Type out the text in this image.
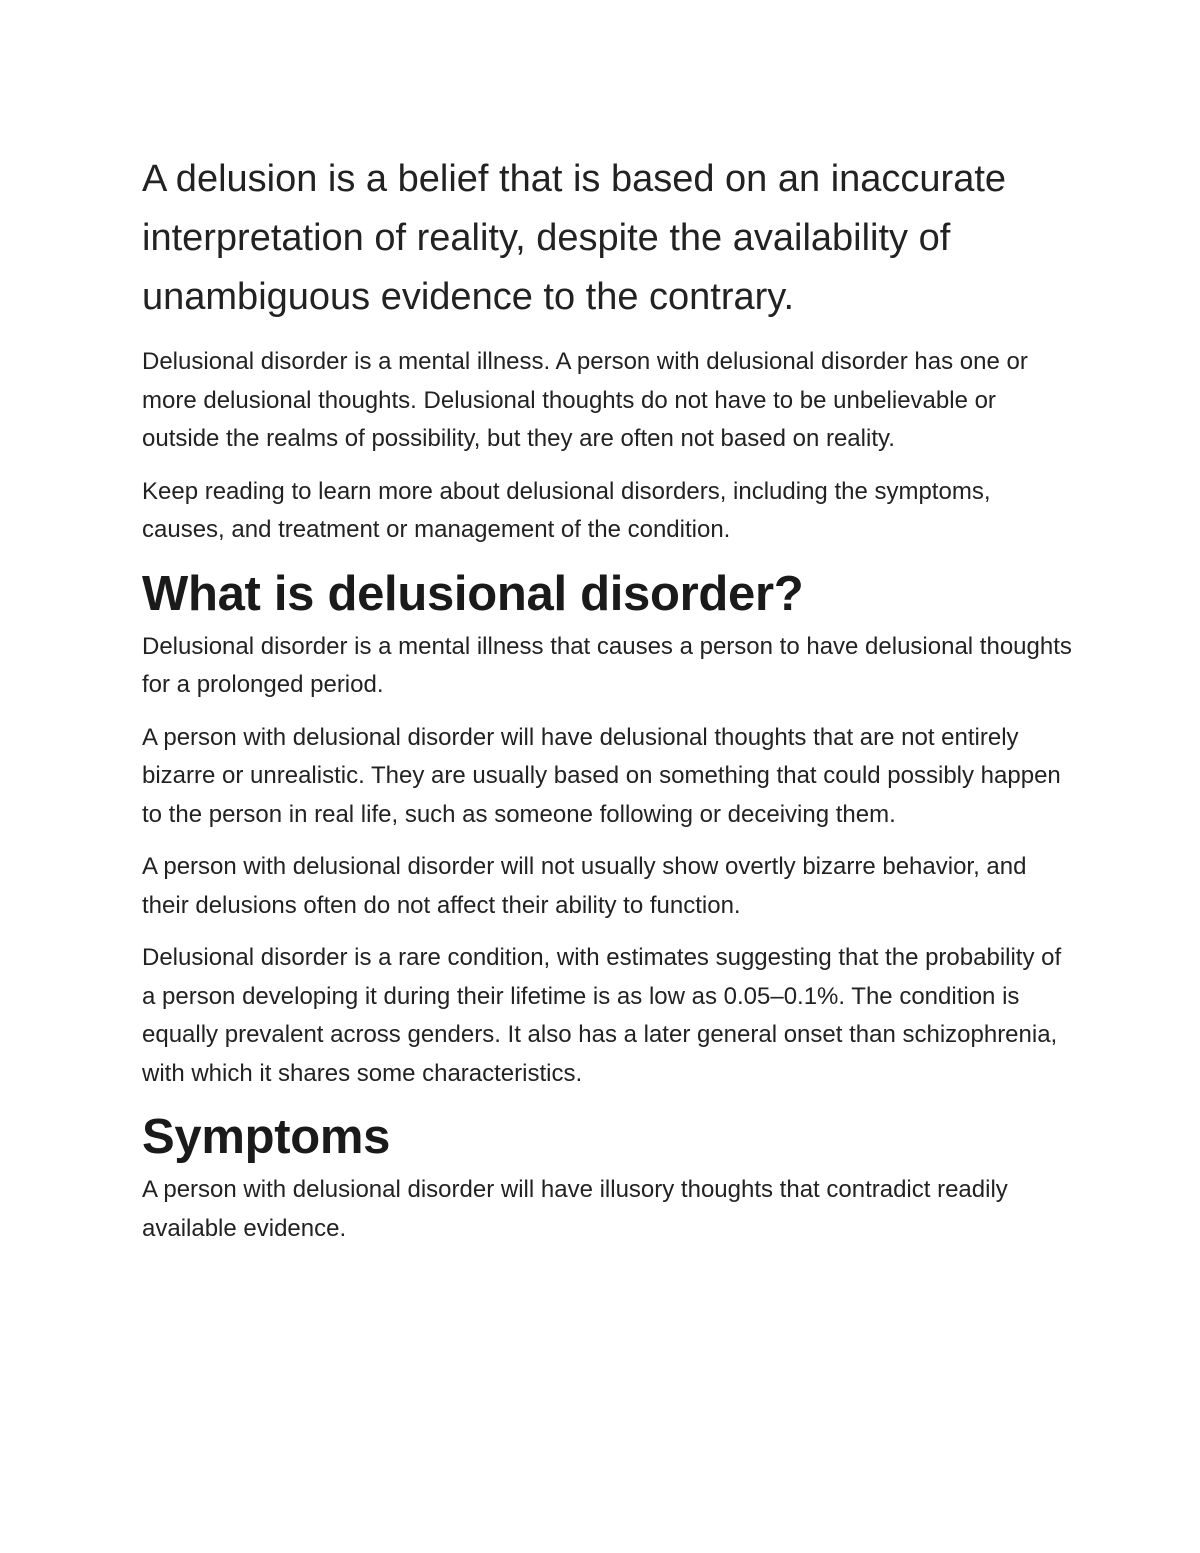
A delusion is a belief that is based on an inaccurate interpretation of reality, despite the availability of unambiguous evidence to the contrary.

Delusional disorder is a mental illness. A person with delusional disorder has one or more delusional thoughts. Delusional thoughts do not have to be unbelievable or outside the realms of possibility, but they are often not based on reality.

Keep reading to learn more about delusional disorders, including the symptoms, causes, and treatment or management of the condition.

What is delusional disorder?

Delusional disorder is a mental illness that causes a person to have delusional thoughts for a prolonged period.

A person with delusional disorder will have delusional thoughts that are not entirely bizarre or unrealistic. They are usually based on something that could possibly happen to the person in real life, such as someone following or deceiving them.

A person with delusional disorder will not usually show overtly bizarre behavior, and their delusions often do not affect their ability to function.

Delusional disorder is a rare condition, with estimates suggesting that the probability of a person developing it during their lifetime is as low as 0.05–0.1%. The condition is equally prevalent across genders. It also has a later general onset than schizophrenia, with which it shares some characteristics.

Symptoms

A person with delusional disorder will have illusory thoughts that contradict readily available evidence.
